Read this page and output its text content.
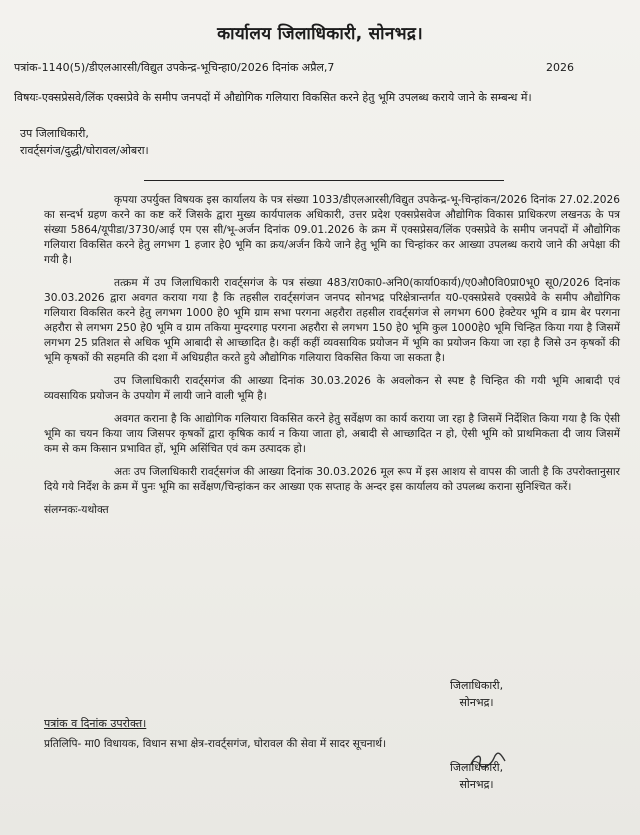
कार्यालय जिलाधिकारी, सोनभद्र।
पत्रांक-1140(5)/डीएलआरसी/विद्युत उपकेन्द्र-भूचिन्हा0/2026 दिनांक अप्रैल,7	2026
विषयः-एक्सप्रेसवे/लिंक एक्सप्रेवे के समीप जनपदों में औद्योगिक गलियारा विकसित करने हेतु भूमि उपलब्ध कराये जाने के सम्बन्ध में।
उप जिलाधिकारी,
रावर्ट्सगंज/दुद्धी/घोरावल/ओबरा।

कृपया उपर्युक्त विषयक इस कार्यालय के पत्र संख्या 1033/डीएलआरसी/विद्युत उपकेन्द्र-भू-चिन्हांकन/2026 दिनांक 27.02.2026 का सन्दर्भ ग्रहण करने का कष्ट करें जिसके द्वारा मुख्य कार्यपालक अधिकारी, उत्तर प्रदेश एक्सप्रेसवेज औद्योगिक विकास प्राधिकरण लखनऊ के पत्र संख्या 5864/यूपीडा/3730/आई एम एस सी/भू-अर्जन दिनांक 09.01.2026 के क्रम में एक्सप्रेसव/लिंक एक्सप्रेवे के समीप जनपदों में औद्योगिक गलियारा विकसित करने हेतु लगभग 1 हजार हे0 भूमि का क्रय/अर्जन किये जाने हेतु भूमि का चिन्हांकर कर आख्या उपलब्ध कराये जाने की अपेक्षा की गयी है।

तत्क्रम में उप जिलाधिकारी रावर्ट्सगंज के पत्र संख्या 483/रा0का0-अनि0(कार्या0कार्य)/ए0औ0वि0प्रा0भू0 सू0/2026 दिनांक 30.03.2026 द्वारा अवगत कराया गया है कि तहसील रावर्ट्सगंजन जनपद सोनभद्र परिक्षेत्रान्तर्गत य0-एक्सप्रेसवे एक्सप्रेवे के समीप औद्योगिक गलियारा विकसित करने हेतु लगभग 1000 हे0 भूमि ग्राम सभा परगना अहरौरा तहसील रावर्ट्सगंज से लगभग 600 हेक्टेयर भूमि व ग्राम बेर परगना अहरौरा से लगभग 250 हे0 भूमि व ग्राम तकिया मुग्दरगाह परगना अहरौरा से लगभग 150 हे0 भूमि कुल 1000हे0 भूमि चिन्हित किया गया है जिसमें लगभग 25 प्रतिशत से अधिक भूमि आबादी से आच्छादित है। कहीं कहीं व्यवसायिक प्रयोजन में भूमि का प्रयोजन किया जा रहा है जिसे उन कृषकों की भूमि कृषकों की सहमति की दशा में अधिग्रहीत करते हुये औद्योगिक गलियारा विकसित किया जा सकता है।

उप जिलाधिकारी रावर्ट्सगंज की आख्या दिनांक 30.03.2026 के अवलोकन से स्पष्ट है चिन्हित की गयी भूमि आबादी एवं व्यवसायिक प्रयोजन के उपयोग में लायी जाने वाली भूमि है।

अवगत कराना है कि आद्योगिक गलियारा विकसित करने हेतु सर्वेक्षण का कार्य कराया जा रहा है जिसमें निर्देशित किया गया है कि ऐसी भूमि का चयन किया जाय जिसपर कृषकों द्वारा कृषिक कार्य न किया जाता हो, अबादी से आच्छादित न हो, ऐसी भूमि को प्राथमिकता दी जाय जिसमें कम से कम किसान प्रभावित हों, भूमि असिंचित एवं कम उत्पादक हो।

अतः उप जिलाधिकारी रावर्ट्सगंज की आख्या दिनांक 30.03.2026 मूल रूप में इस आशय से वापस की जाती है कि उपरोक्तानुसार दिये गये निर्देश के क्रम में पुनः भूमि का सर्वेक्षण/चिन्हांकन कर आख्या एक सप्ताह के अन्दर इस कार्यालय को उपलब्ध कराना सुनिश्चित करें।

संलग्नकः-यथोक्त
जिलाधिकारी,
सोनभद्र।
पत्रांक व दिनांक उपरोक्त।
प्रतिलिपि- मा0 विधायक, विधान सभा क्षेत्र-रावर्ट्सगंज, घोरावल की सेवा में सादर सूचनार्थ।
जिलाधिकारी,
सोनभद्र।
